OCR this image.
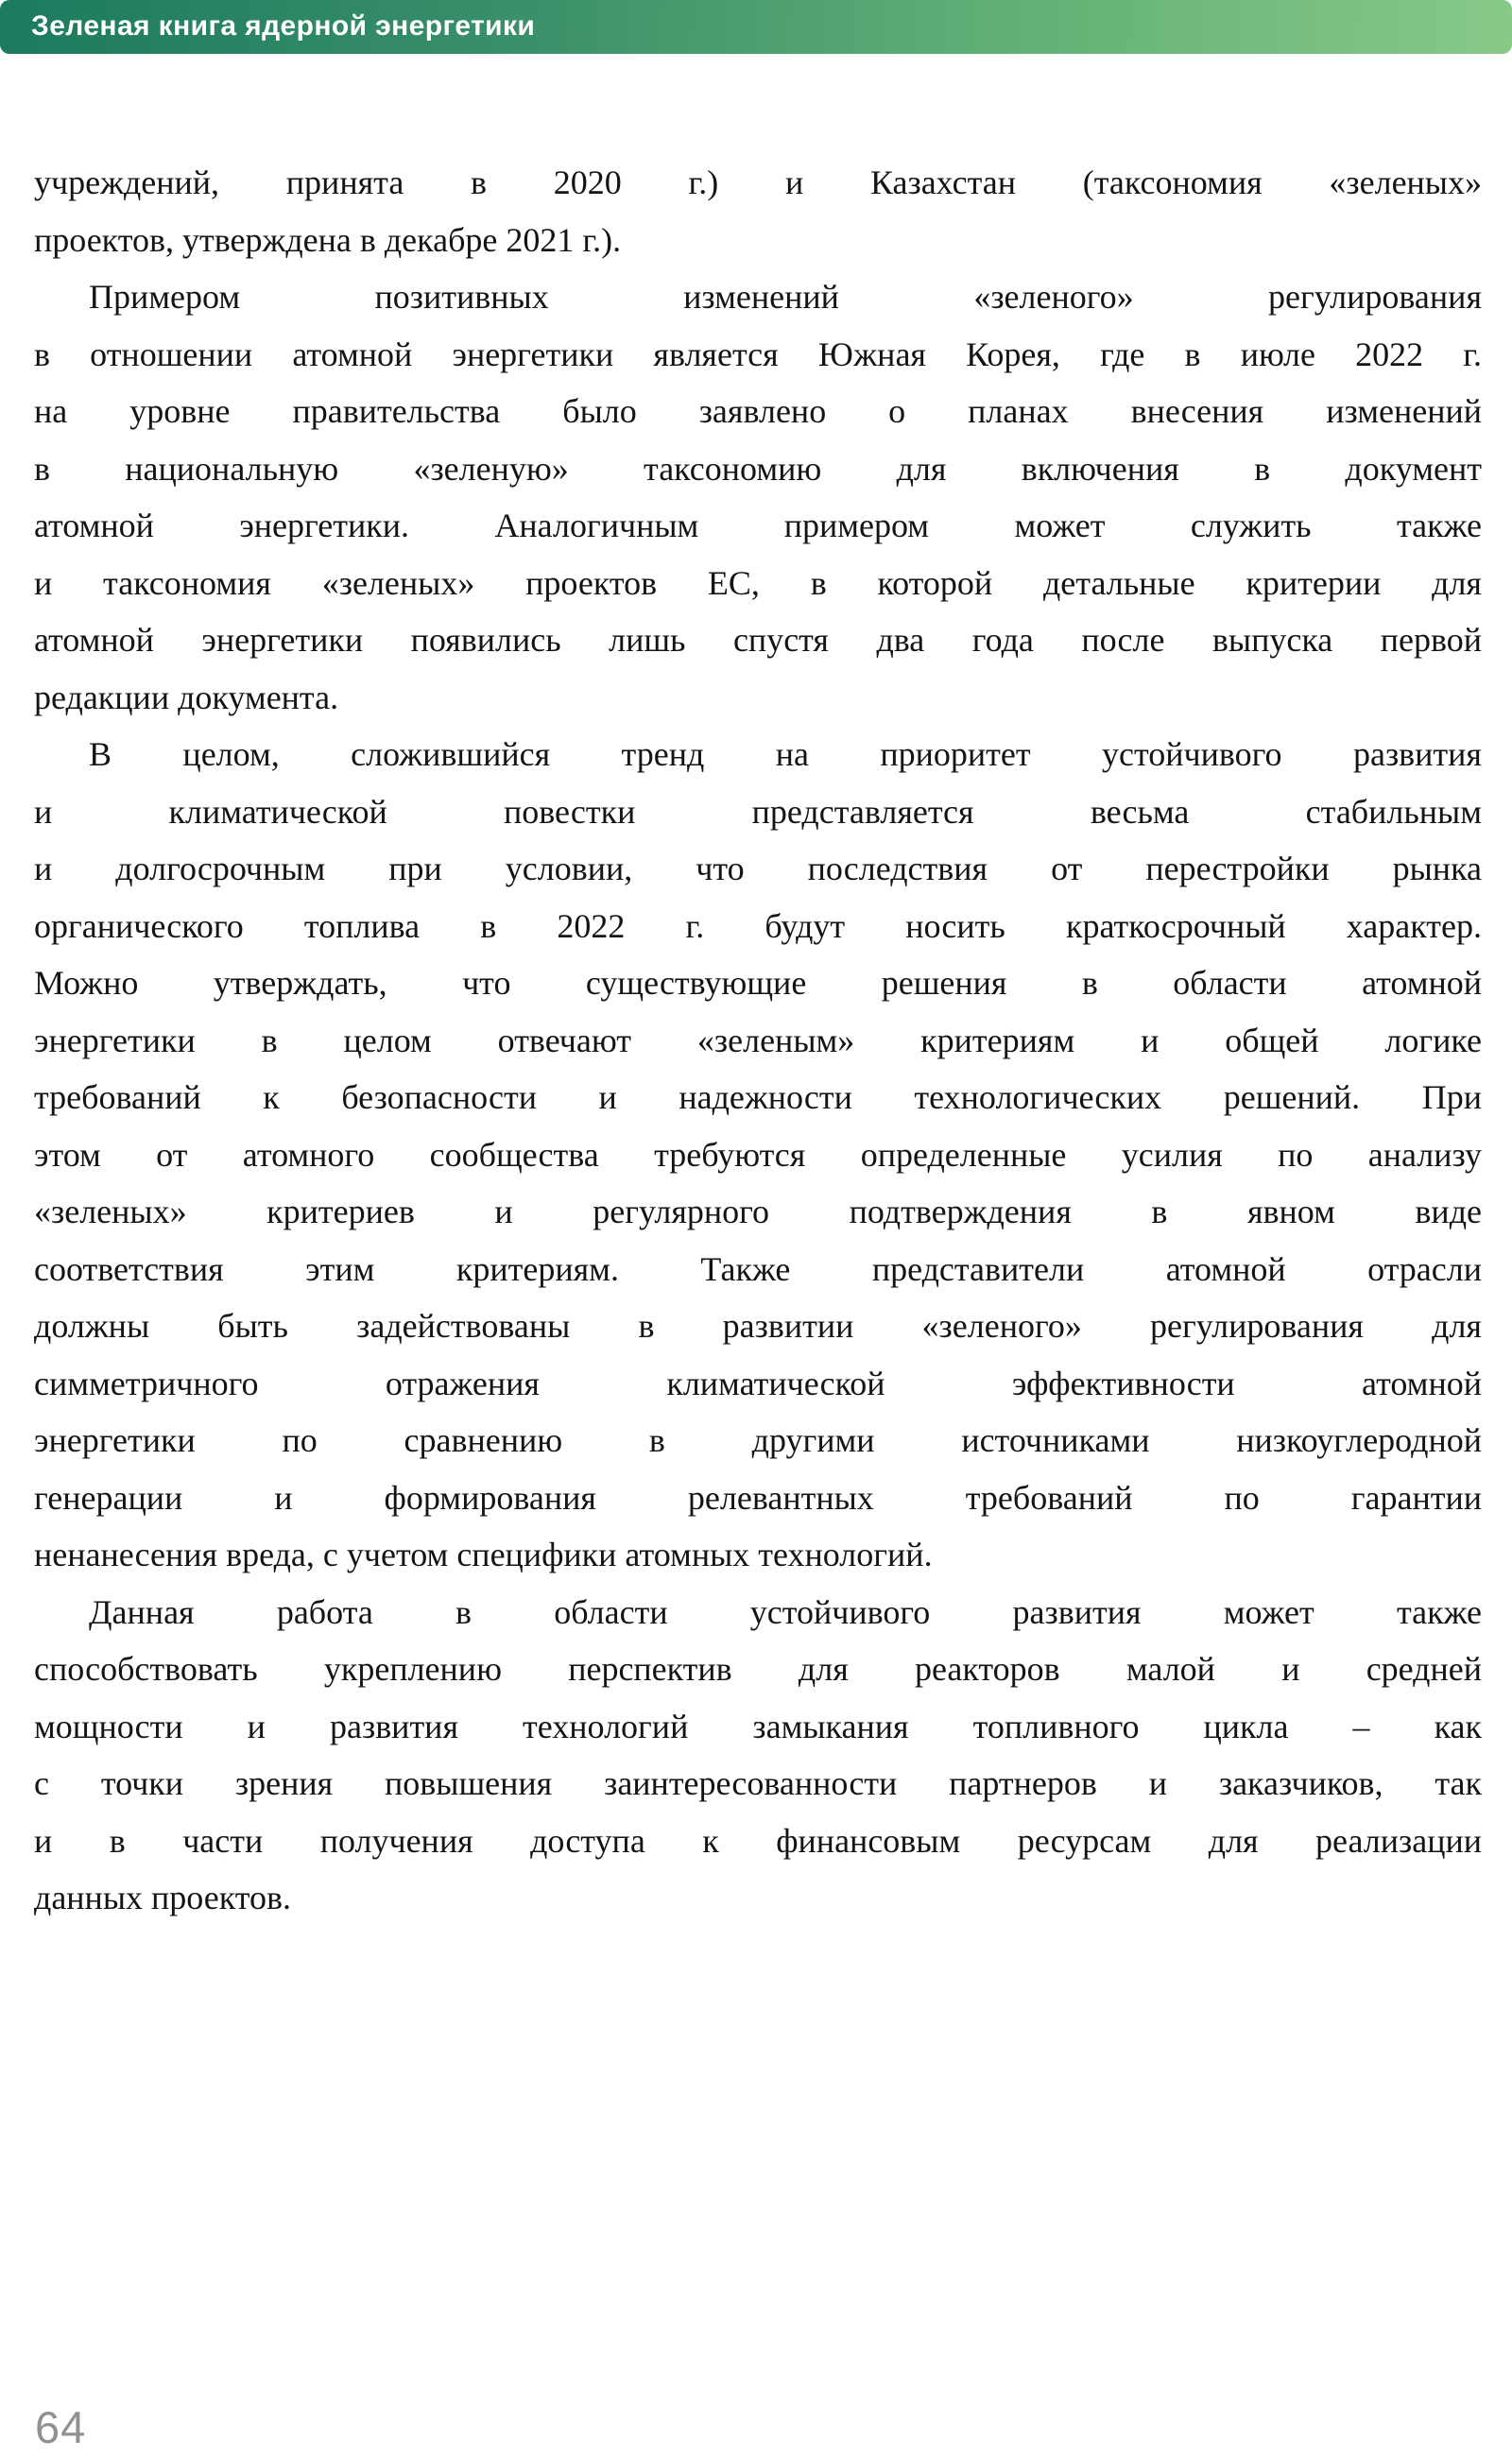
Зеленая книга ядерной энергетики
учреждений, принята в 2020 г.) и Казахстан (таксономия «зеленых»
проектов, утверждена в декабре 2021 г.).
Примером позитивных изменений «зеленого» регулирования
в отношении атомной энергетики является Южная Корея, где в июле 2022 г.
на уровне правительства было заявлено о планах внесения изменений
в национальную «зеленую» таксономию для включения в документ
атомной энергетики. Аналогичным примером может служить также
и таксономия «зеленых» проектов ЕС, в которой детальные критерии для
атомной энергетики появились лишь спустя два года после выпуска первой
редакции документа.
В целом, сложившийся тренд на приоритет устойчивого развития
и климатической повестки представляется весьма стабильным
и долгосрочным при условии, что последствия от перестройки рынка
органического топлива в 2022 г. будут носить краткосрочный характер.
Можно утверждать, что существующие решения в области атомной
энергетики в целом отвечают «зеленым» критериям и общей логике
требований к безопасности и надежности технологических решений. При
этом от атомного сообщества требуются определенные усилия по анализу
«зеленых» критериев и регулярного подтверждения в явном виде
соответствия этим критериям. Также представители атомной отрасли
должны быть задействованы в развитии «зеленого» регулирования для
симметричного отражения климатической эффективности атомной
энергетики по сравнению в другими источниками низкоуглеродной
генерации и формирования релевантных требований по гарантии
ненанесения вреда, с учетом специфики атомных технологий.
Данная работа в области устойчивого развития может также
способствовать укреплению перспектив для реакторов малой и средней
мощности и развития технологий замыкания топливного цикла – как
с точки зрения повышения заинтересованности партнеров и заказчиков, так
и в части получения доступа к финансовым ресурсам для реализации
данных проектов.
64
